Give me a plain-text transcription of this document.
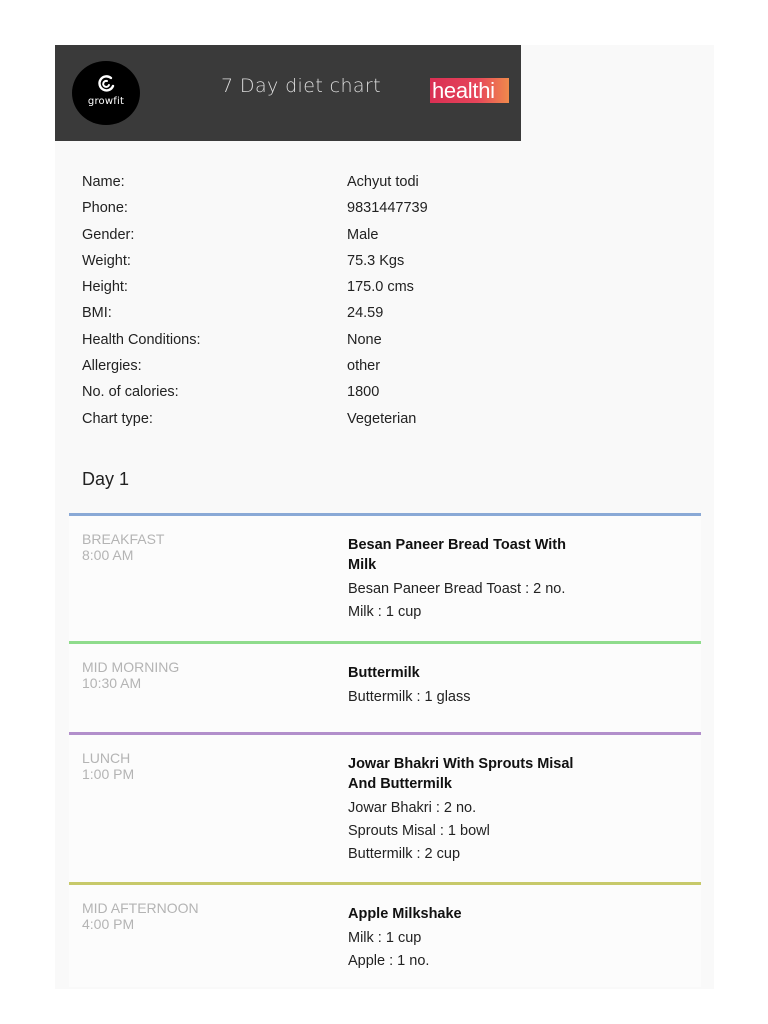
growfit
7 Day diet chart healthi
Name:	Achyut todi
Phone:	9831447739
Gender:	Male
Weight:	75.3 Kgs
Height:	175.0 cms
BMI:	24.59
Health Conditions:	None
Allergies:	other
No. of calories:	1800
Chart type:	Vegeterian
Day 1
BREAKFAST
8:00 AM
Besan Paneer Bread Toast With
Milk
Besan Paneer Bread Toast : 2 no.
Milk : 1 cup
MID MORNING
10:30 AM
Buttermilk
Buttermilk : 1 glass
LUNCH
1:00 PM
Jowar Bhakri With Sprouts Misal
And Buttermilk
Jowar Bhakri : 2 no.
Sprouts Misal : 1 bowl
Buttermilk : 2 cup
MID AFTERNOON
4:00 PM
Apple Milkshake
Milk : 1 cup
Apple : 1 no.
